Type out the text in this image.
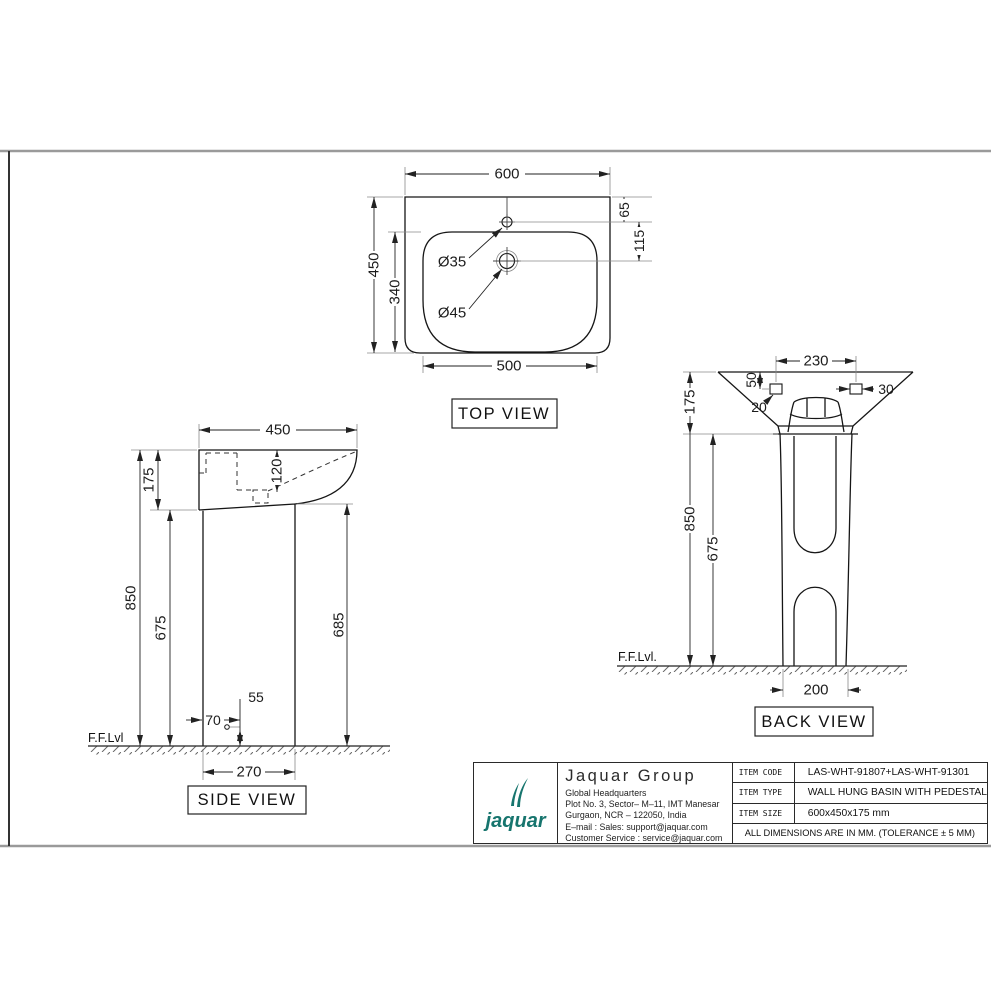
600
450
340
500
65
115
Ø35
Ø45
TOP VIEW
450
120
850
175
675	685
70
55
270
F.F.Lvl
SIDE VIEW
230
50
20
30
175
850
675
200
F.F.Lvl.
BACK VIEW
jaquar
Jaquar Group
Global Headquarters
Plot No. 3, Sector– M–11, IMT Manesar
Gurgaon, NCR – 122050, India
E–mail : Sales: support@jaquar.com
Customer Service : service@jaquar.com
ITEM CODE	LAS-WHT-91807+LAS-WHT-91301
ITEM TYPE	WALL HUNG BASIN WITH PEDESTAL
ITEM SIZE	600x450x175 mm
ALL DIMENSIONS ARE IN MM. (TOLERANCE ± 5 MM)
